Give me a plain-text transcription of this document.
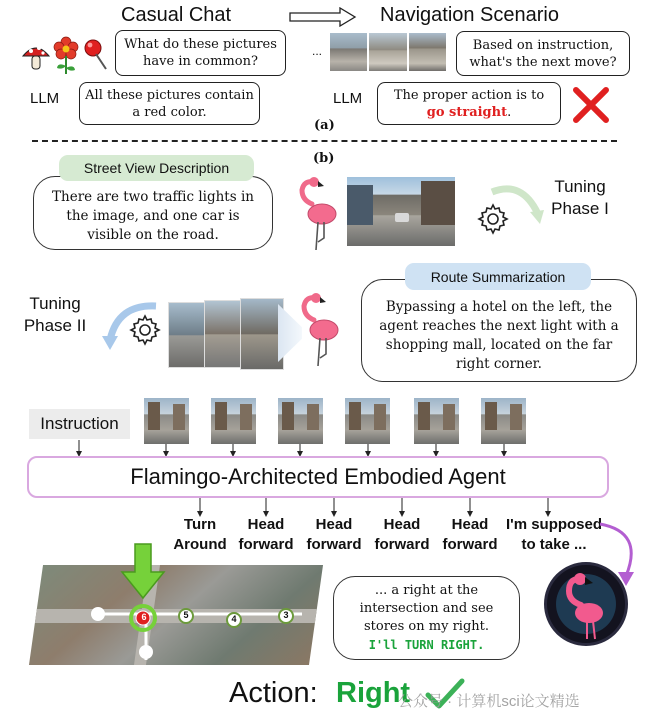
Casual Chat	Navigation Scenario
What do these pictures have in common?
LLM	All these pictures contain a red color.
...	Based on instruction, what's the next move?
LLM The proper action is to
go straight.
(a)
(b)
There are two traffic lights in the image, and one car is visible on the road.
Street View Description
Tuning Phase I
Tuning Phase II
Bypassing a hotel on the left, the agent reaches the next light with a shopping mall, located on the far right corner.
Route Summarization
Instruction
Flamingo-Architected Embodied Agent
Turn Around
Head forward
Head forward
Head forward
Head forward
I'm supposed to take ...
6	5	4	3
... a right at the intersection and see stores on my right.
I'll TURN RIGHT.
Action: Right
公众号 · 计算机sci论文精选
